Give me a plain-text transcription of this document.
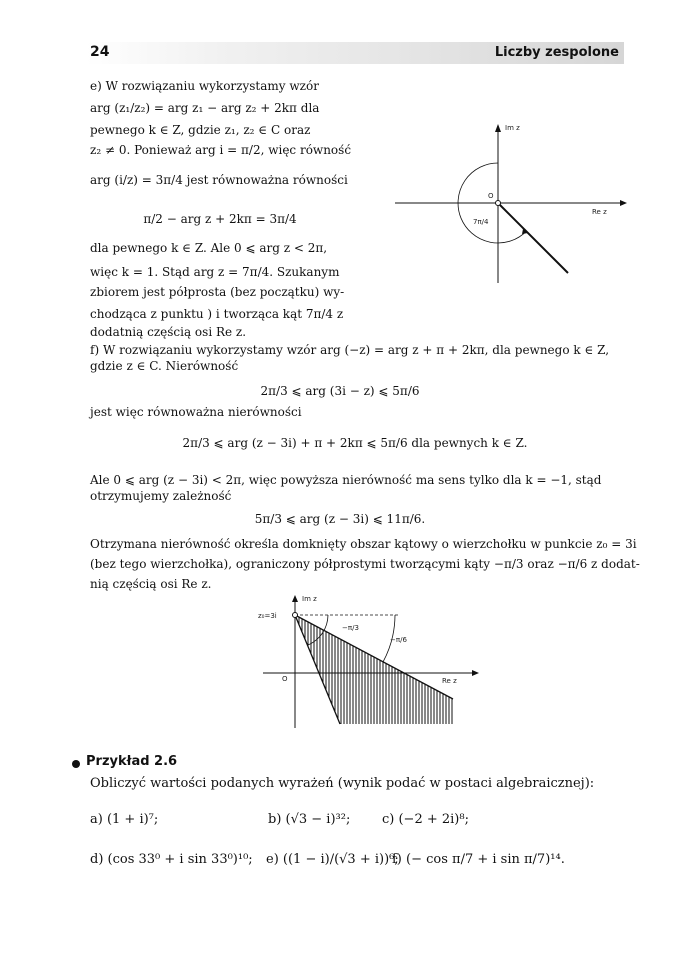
24	Liczby zespolone
e) W rozwiązaniu wykorzystamy wzór
arg (z₁/z₂) = arg z₁ − arg z₂ + 2kπ dla
pewnego k ∈ Z, gdzie z₁, z₂ ∈ C oraz
z₂ ≠ 0. Ponieważ arg i = π/2, więc równość
arg (i/z) = 3π/4 jest równoważna równości
π/2 − arg z + 2kπ = 3π/4
dla pewnego k ∈ Z. Ale 0 ⩽ arg z < 2π,
więc k = 1. Stąd arg z = 7π/4. Szukanym
zbiorem jest półprosta (bez początku) wy-
chodząca z punktu ) i tworząca kąt 7π/4 z
dodatnią częścią osi Re z.
Im z
Re z
O
7π/4
f) W rozwiązaniu wykorzystamy wzór arg (−z) = arg z + π + 2kπ, dla pewnego k ∈ Z,
gdzie z ∈ C. Nierówność
2π/3 ⩽ arg (3i − z) ⩽ 5π/6
jest więc równoważna nierówności
2π/3 ⩽ arg (z − 3i) + π + 2kπ ⩽ 5π/6 dla pewnych k ∈ Z.
Ale 0 ⩽ arg (z − 3i) < 2π, więc powyższa nierówność ma sens tylko dla k = −1, stąd
otrzymujemy zależność
5π/3 ⩽ arg (z − 3i) ⩽ 11π/6.
Otrzymana nierówność określa domknięty obszar kątowy o wierzchołku w punkcie z₀ = 3i
(bez tego wierzchołka), ograniczony półprostymi tworzącymi kąty −π/3 oraz −π/6 z dodat-
nią częścią osi Re z.
Im z
Re z
O
z₀=3i
−π/3
−π/6
Przykład 2.6
Obliczyć wartości podanych wyrażeń (wynik podać w postaci algebraicznej):
a) (1 + i)⁷;	b) (√3 − i)³²; c) (−2 + 2i)⁸;
d) (cos 33⁰ + i sin 33⁰)¹⁰; e) ((1 − i)/(√3 + i))⁶;
f) (− cos π/7 + i sin π/7)¹⁴.
